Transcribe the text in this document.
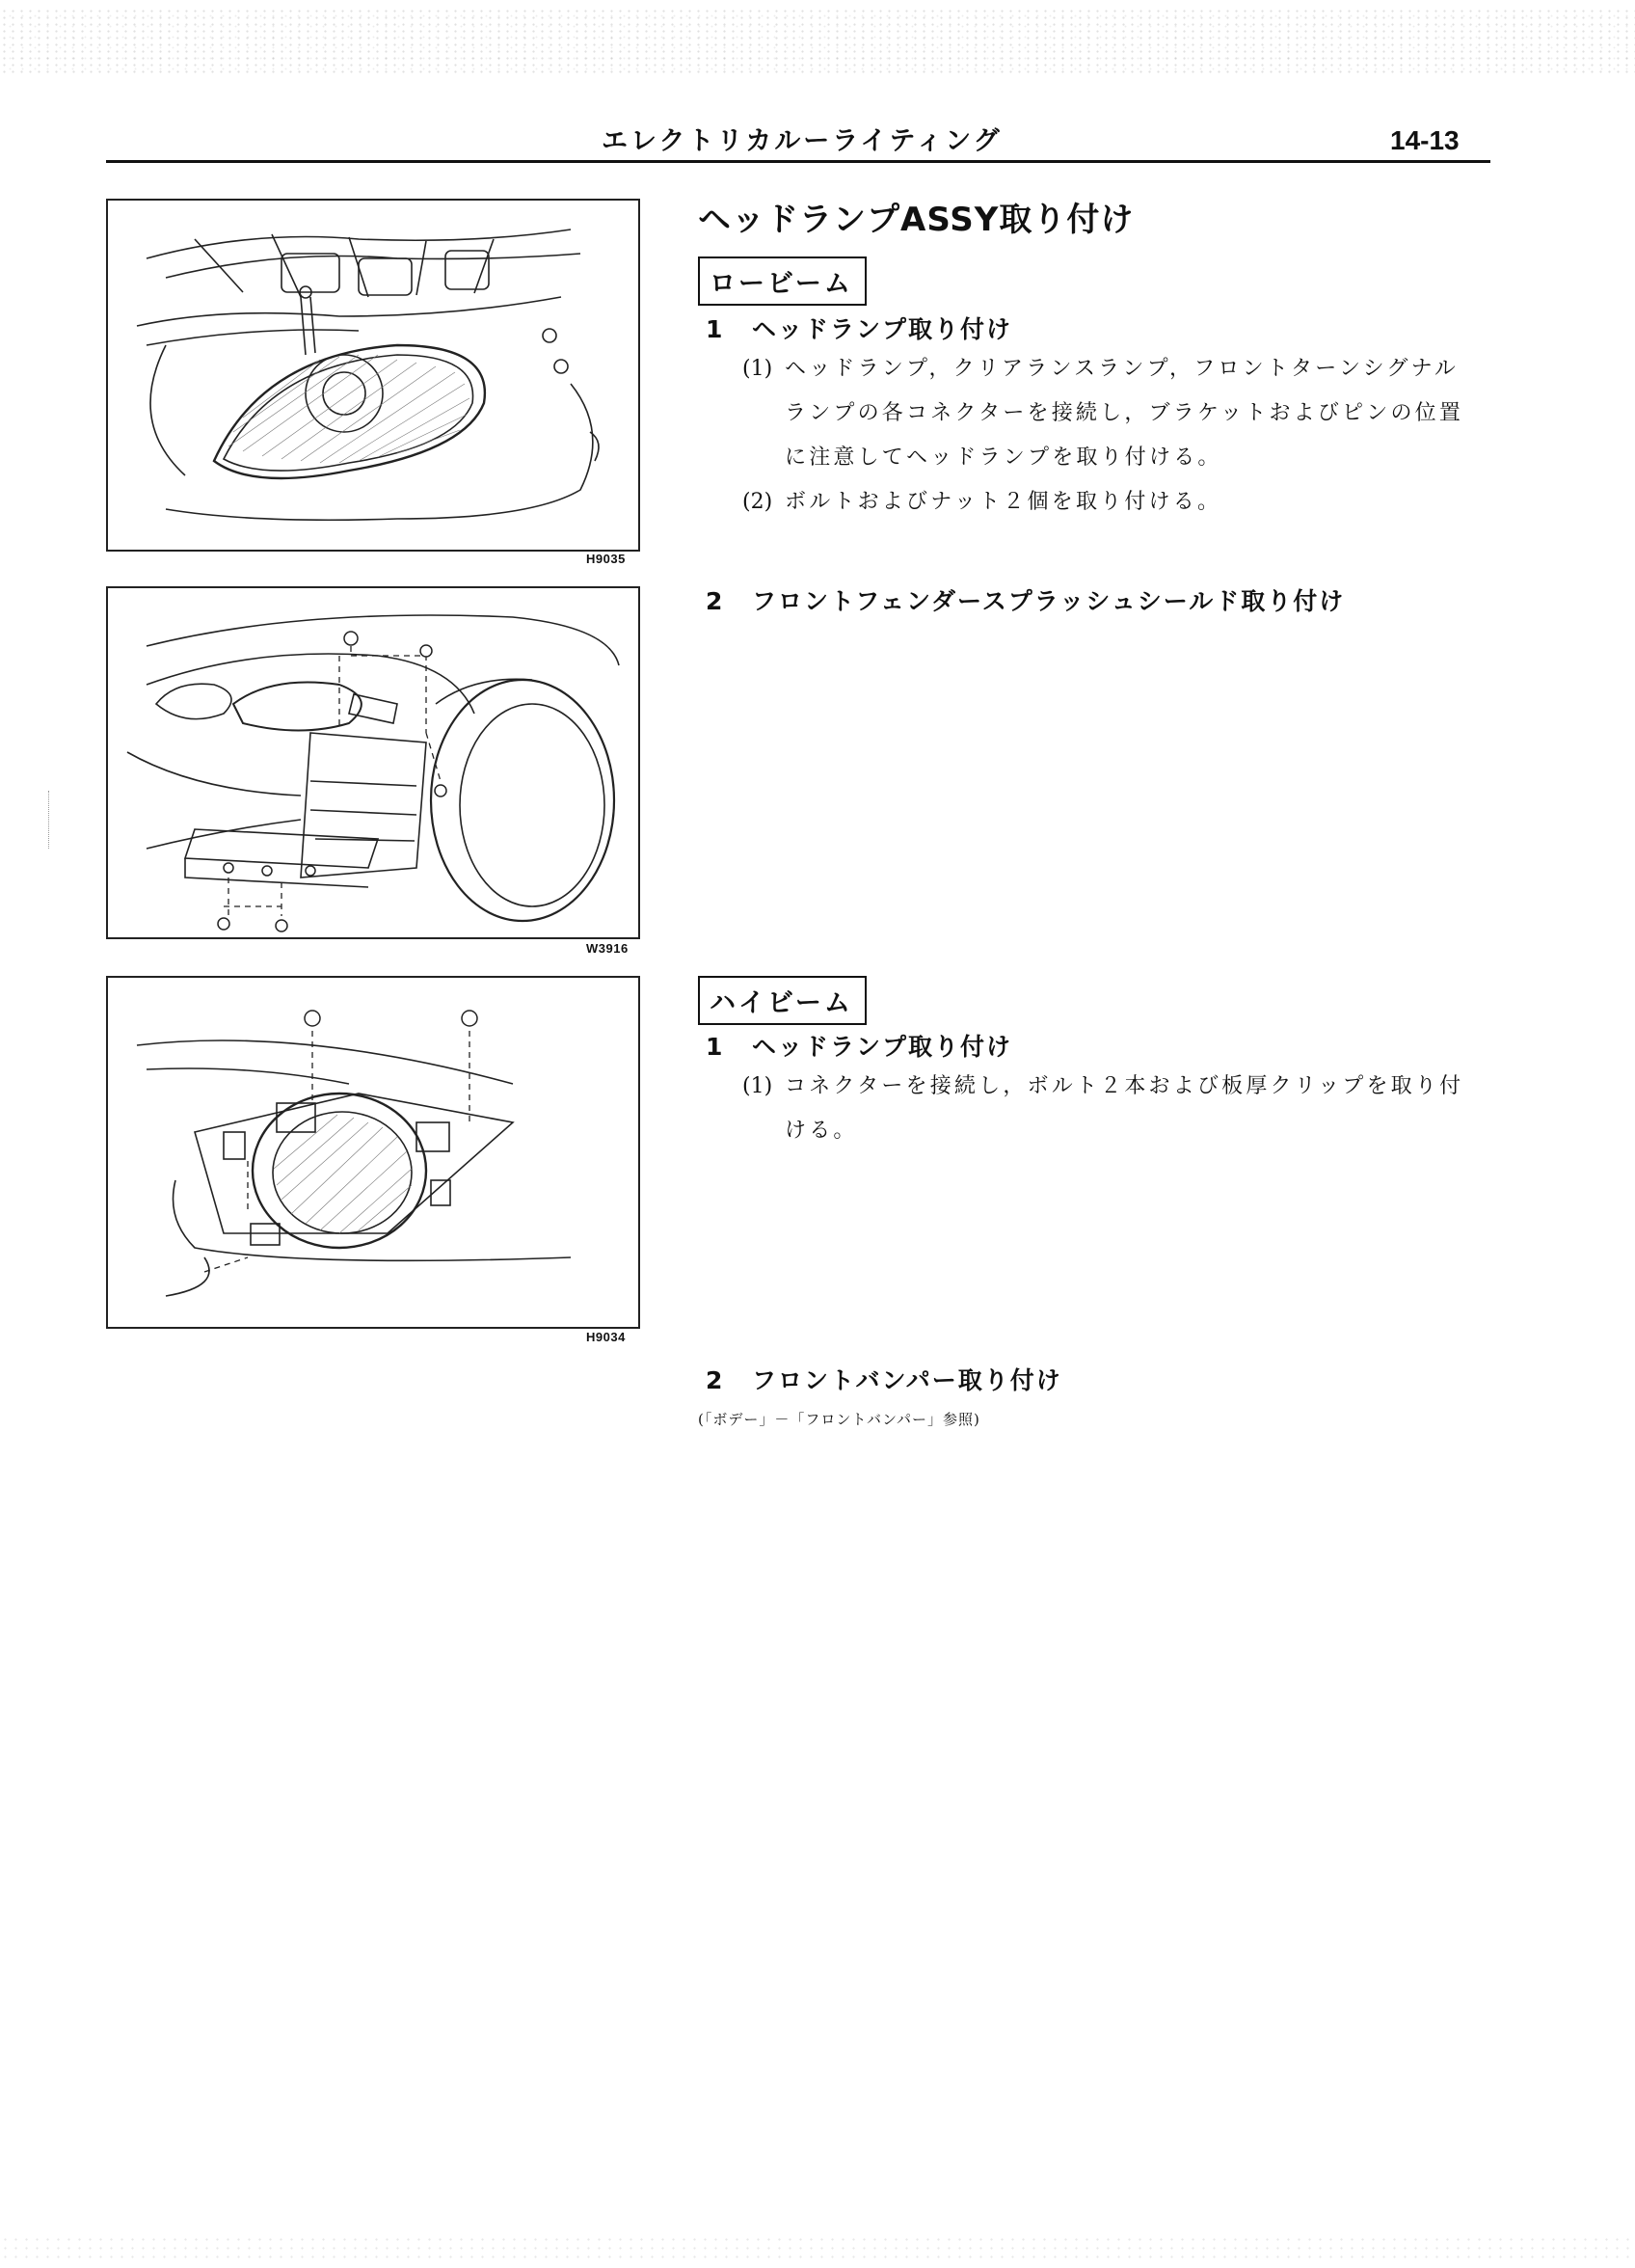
エレクトリカルーライティング	14-13
H9035
W3916
H9034
ヘッドランプASSY取り付け
ロービーム
1 ヘッドランプ取り付け
(1) ヘッドランプ，クリアランスランプ，フロントターンシグナル
ランプの各コネクターを接続し，ブラケットおよびピンの位置
に注意してヘッドランプを取り付ける。
(2) ボルトおよびナット２個を取り付ける。
2 フロントフェンダースプラッシュシールド取り付け
ハイビーム
1 ヘッドランプ取り付け
(1) コネクターを接続し，ボルト２本および板厚クリップを取り付
ける。
2 フロントバンパー取り付け
(「ボデー」－「フロントバンパー」参照)
